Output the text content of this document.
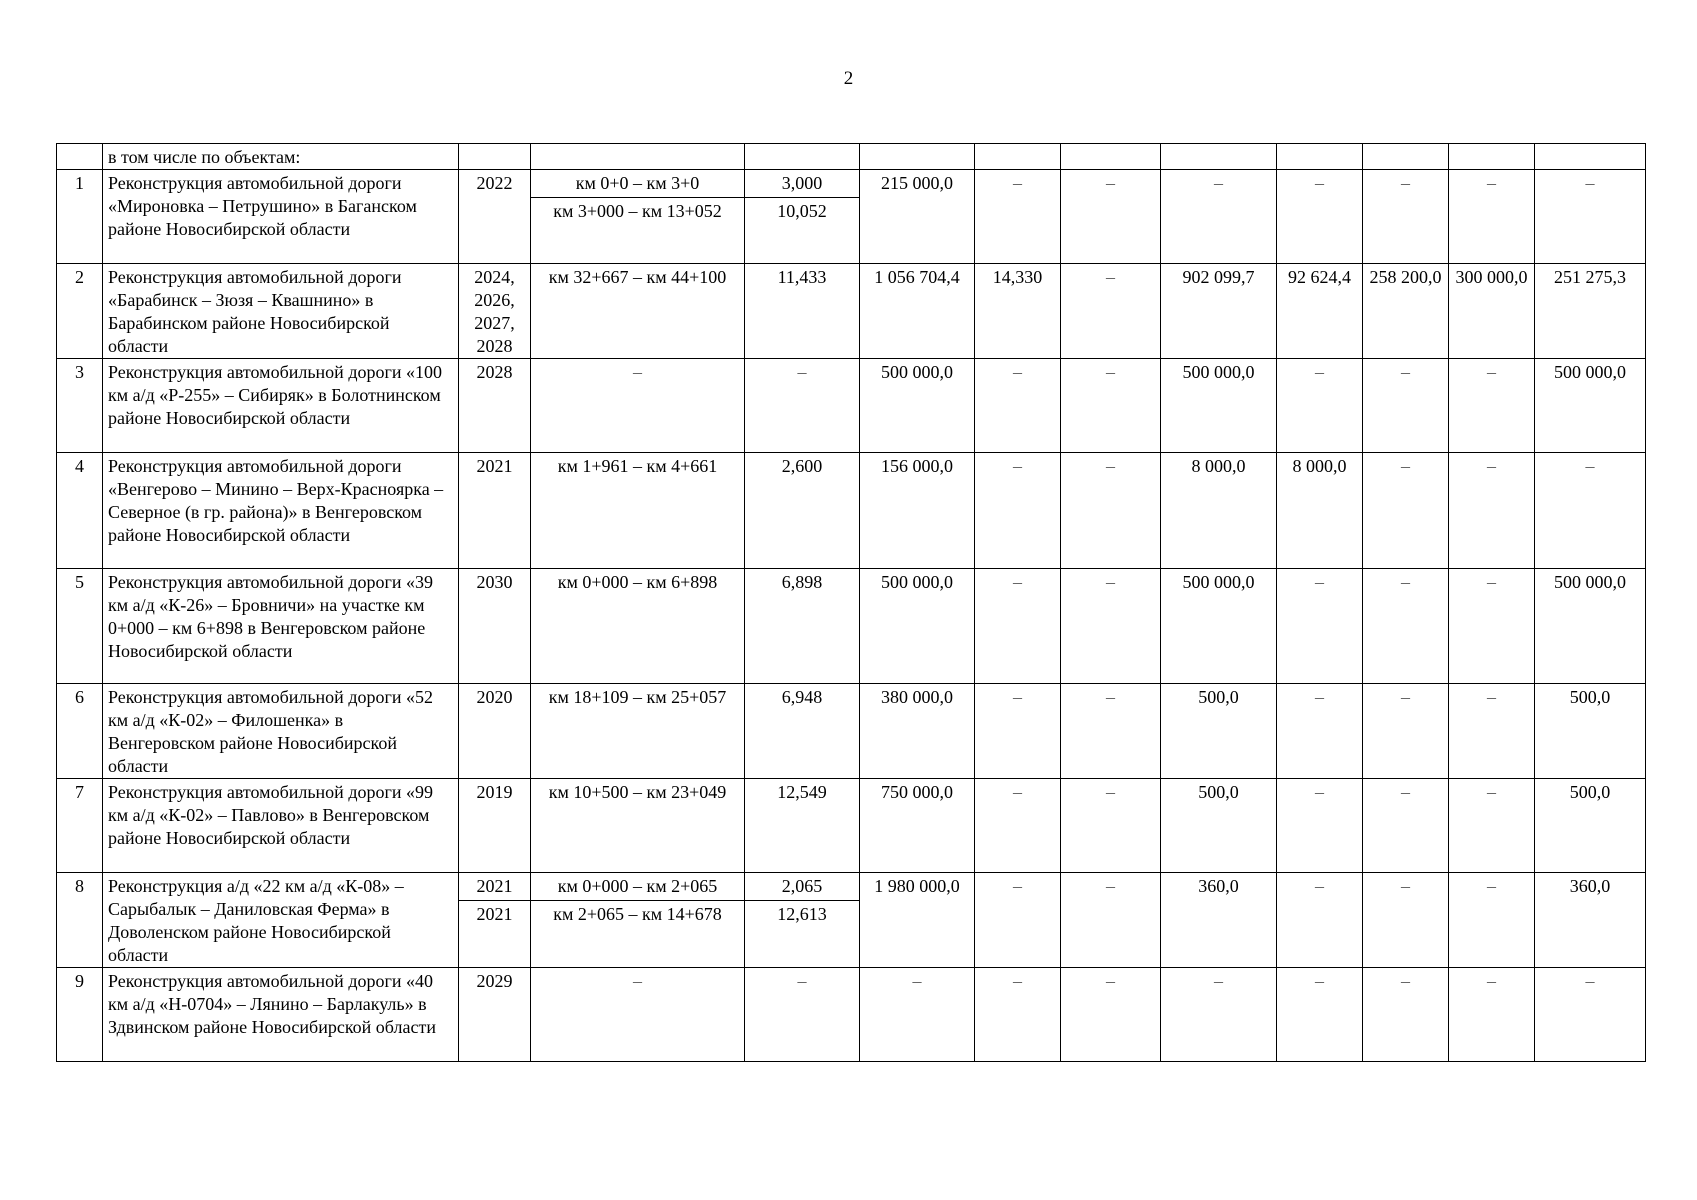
2
	в том числе по объектам:											
1	Реконструкция автомобильной дороги «Мироновка – Петрушино» в Баганском районе Новосибирской области	2022	км 0+0 – км 3+0	3,000	215 000,0	–	–	–	–	–	–	–
			км 3+000 – км 13+052	10,052								
2	Реконструкция автомобильной дороги «Барабинск – Зюзя – Квашнино» в Барабинском районе Новосибирской области	2024, 2026, 2027, 2028	км 32+667 – км 44+100	11,433	1 056 704,4	14,330	–	902 099,7	92 624,4	258 200,0	300 000,0	251 275,3
3	Реконструкция автомобильной дороги «100 км а/д «Р-255» – Сибиряк» в Болотнинском районе Новосибирской области	2028	–	–	500 000,0	–	–	500 000,0	–	–	–	500 000,0
4	Реконструкция автомобильной дороги «Венгерово – Минино – Верх-Красноярка – Северное (в гр. района)» в Венгеровском районе Новосибирской области	2021	км 1+961 – км 4+661	2,600	156 000,0	–	–	8 000,0	8 000,0	–	–	–
5	Реконструкция автомобильной дороги «39 км а/д «К-26» – Бровничи» на участке км 0+000 – км 6+898 в Венгеровском районе Новосибирской области	2030	км 0+000 – км 6+898	6,898	500 000,0	–	–	500 000,0	–	–	–	500 000,0
6	Реконструкция автомобильной дороги «52 км а/д «К-02» – Филошенка» в Венгеровском районе Новосибирской области	2020	км 18+109 – км 25+057	6,948	380 000,0	–	–	500,0	–	–	–	500,0
7	Реконструкция автомобильной дороги «99 км а/д «К-02» – Павлово» в Венгеровском районе Новосибирской области	2019	км 10+500 – км 23+049	12,549	750 000,0	–	–	500,0	–	–	–	500,0
8	Реконструкция а/д «22 км а/д «К-08» – Сарыбалык – Даниловская Ферма» в Доволенском районе Новосибирской области	2021	км 0+000 – км 2+065	2,065	1 980 000,0	–	–	360,0	–	–	–	360,0
		2021	км 2+065 – км 14+678	12,613								
9	Реконструкция автомобильной дороги «40 км а/д «Н-0704» – Лянино – Барлакуль» в Здвинском районе Новосибирской области	2029	–	–	–	–	–	–	–	–	–	–
